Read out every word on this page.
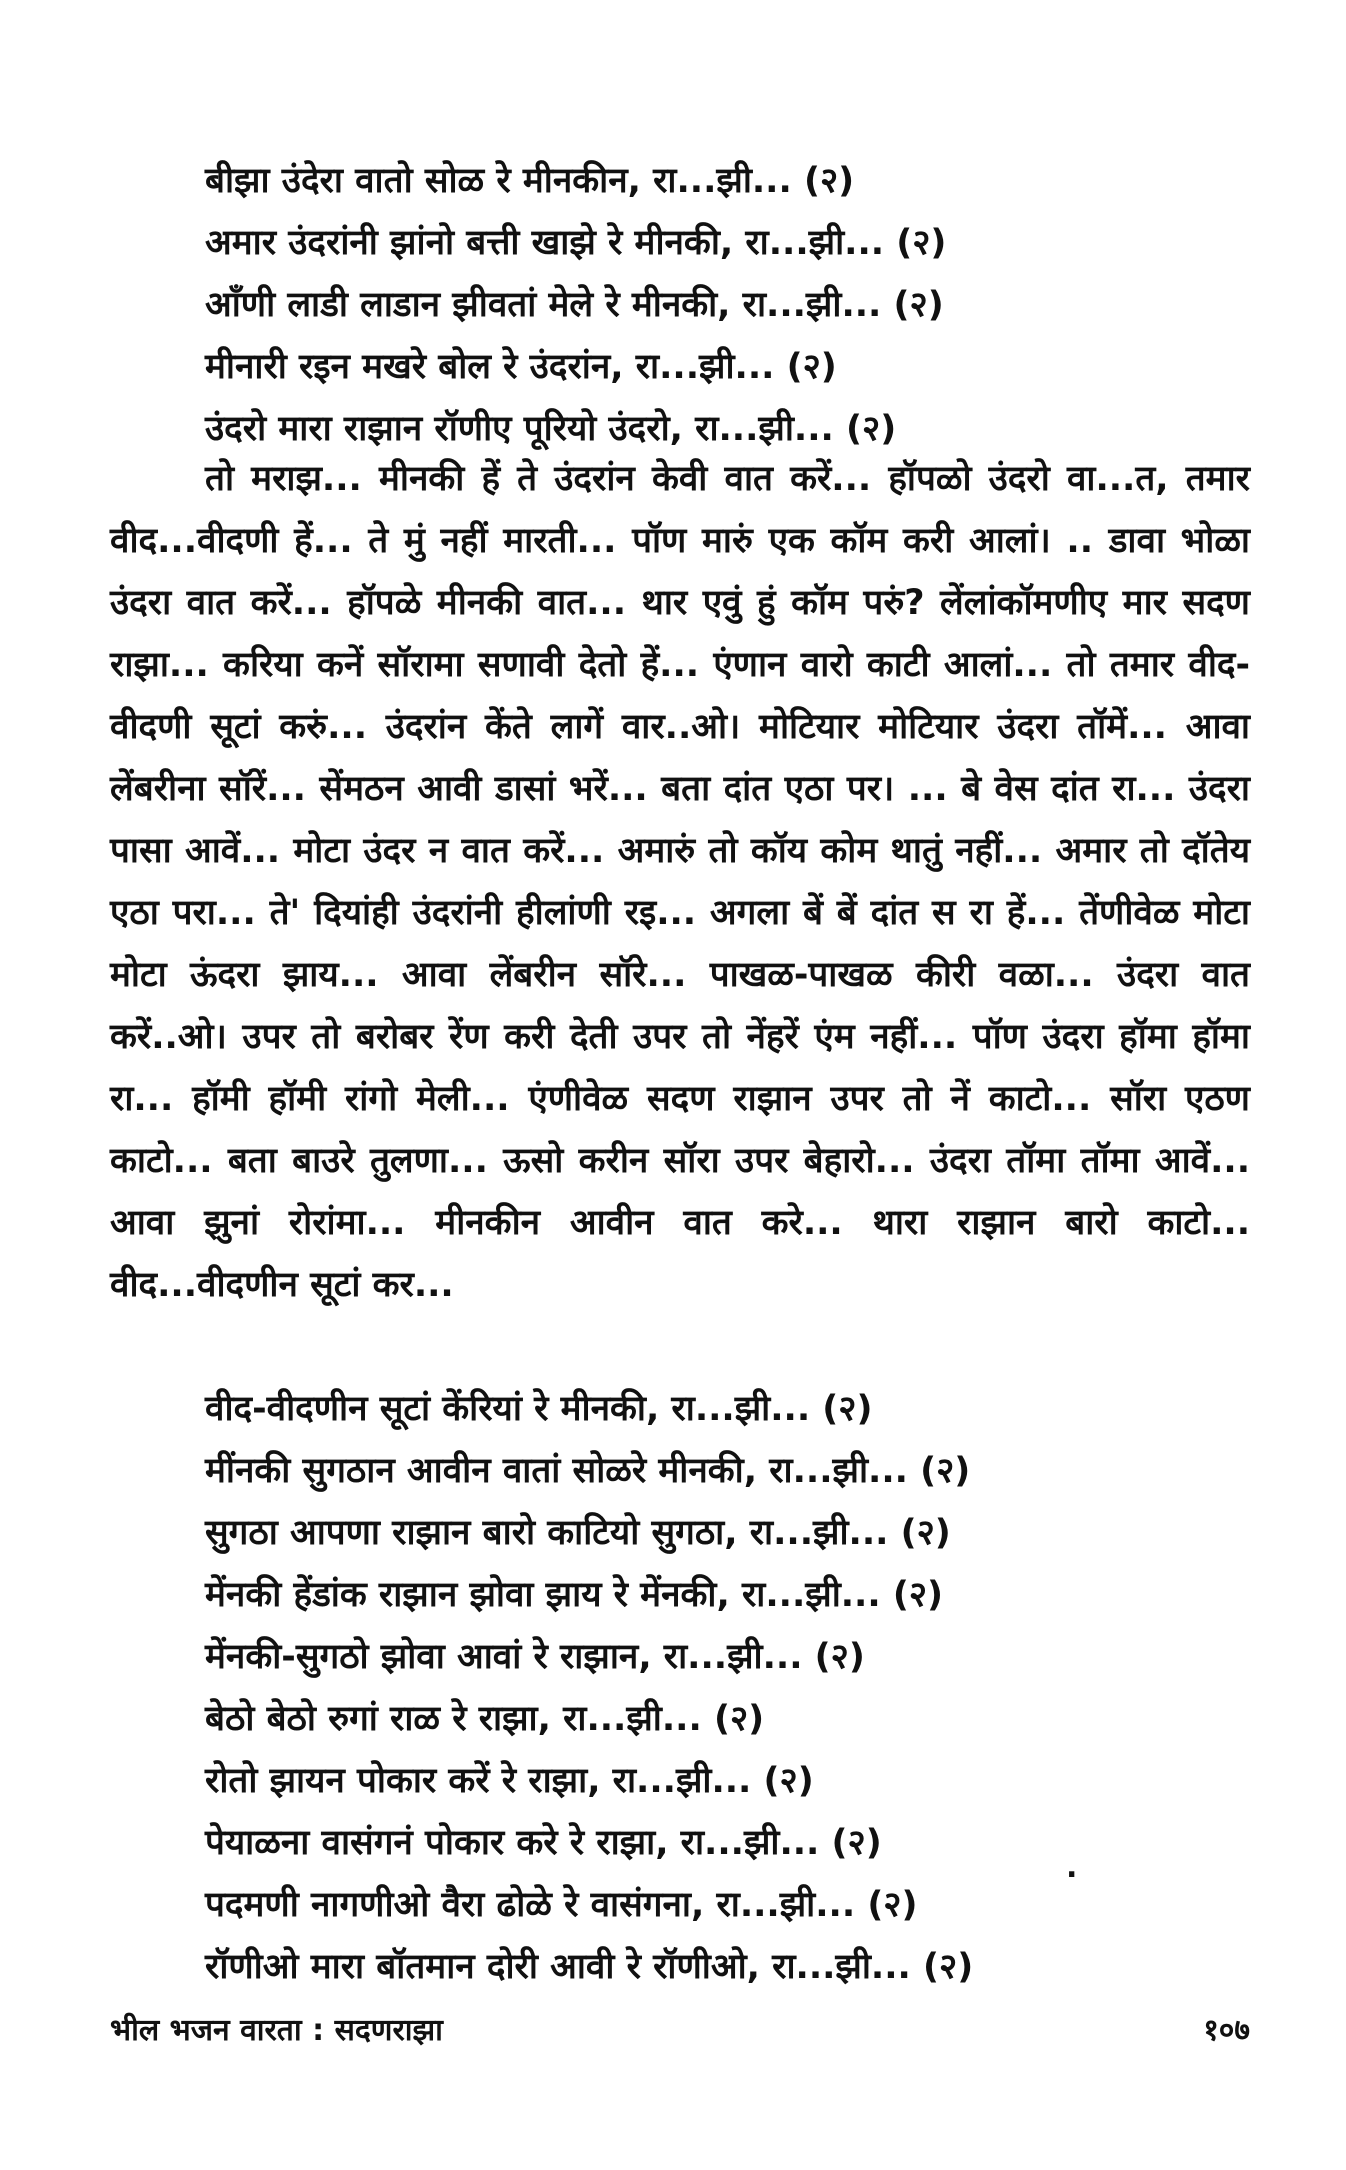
बीझा उंदेरा वातो सोळ रे मीनकीन, रा...झी... (२)
अमार उंदरांनी झांनो बत्ती खाझे रे मीनकी, रा...झी... (२)
आँणी लाडी लाडान झीवतां मेले रे मीनकी, रा...झी... (२)
मीनारी रइन मखरे बोल रे उंदरांन, रा...झी... (२)
उंदरो मारा राझान रॉणीए पूरियो उंदरो, रा...झी... (२)
तो मराझ... मीनकी हें ते उंदरांन केवी वात करें... हॉपळो उंदरो वा...त, तमार वीद...वीदणी हें... ते मुं नहीं मारती... पॉण मारुं एक कॉम करी आलां। .. डावा भोळा उंदरा वात करें... हॉपळे मीनकी वात... थार एवुं हुं कॉम परुं? लेंलांकॉमणीए मार सदण राझा... करिया कनें सॉरामा सणावी देतो हें... एंणान वारो काटी आलां... तो तमार वीद-वीदणी सूटां करुं... उंदरांन केंते लागें वार..ओ। मोटियार मोटियार उंदरा तॉमें... आवा लेंबरीना सॉरें... सेंमठन आवी डासां भरें... बता दांत एठा पर। ... बे वेस दांत रा... उंदरा पासा आवें... मोटा उंदर न वात करें... अमारुं तो कॉय कोम थातुं नहीं... अमार तो दॉतेय एठा परा... ते' दियांही उंदरांनी हीलांणी रइ... अगला बें बें दांत स रा हें... तेंणीवेळ मोटा मोटा ऊंदरा झाय... आवा लेंबरीन सॉरे... पाखळ-पाखळ कीरी वळा... उंदरा वात करें..ओ। उपर तो बरोबर रेंण करी देती उपर तो नेंहरें एंम नहीं... पॉण उंदरा हॉमा हॉमा रा... हॉमी हॉमी रांगो मेली... एंणीवेळ सदण राझान उपर तो नें काटो... सॉरा एठण काटो... बता बाउरे तुलणा... ऊसो करीन सॉरा उपर बेहारो... उंदरा तॉमा तॉमा आवें... आवा झुनां रोरांमा... मीनकीन आवीन वात करे... थारा राझान बारो काटो... वीद...वीदणीन सूटां कर...
वीद-वीदणीन सूटां केंरियां रे मीनकी, रा...झी... (२)
मींनकी सुगठान आवीन वातां सोळरे मीनकी, रा...झी... (२)
सुगठा आपणा राझान बारो काटियो सुगठा, रा...झी... (२)
मेंनकी हेंडांक राझान झोवा झाय रे मेंनकी, रा...झी... (२)
मेंनकी-सुगठो झोवा आवां रे राझान, रा...झी... (२)
बेठो बेठो रुगां राळ रे राझा, रा...झी... (२)
रोतो झायन पोकार करें रे राझा, रा...झी... (२)
पेयाळना वासंगनं पोकार करे रे राझा, रा...झी... (२)
पदमणी नागणीओ वैरा ढोळे रे वासंगना, रा...झी... (२)
रॉणीओ मारा बॉतमान दोरी आवी रे रॉणीओ, रा...झी... (२)
.
भील भजन वारता : सदणराझा	१०७
